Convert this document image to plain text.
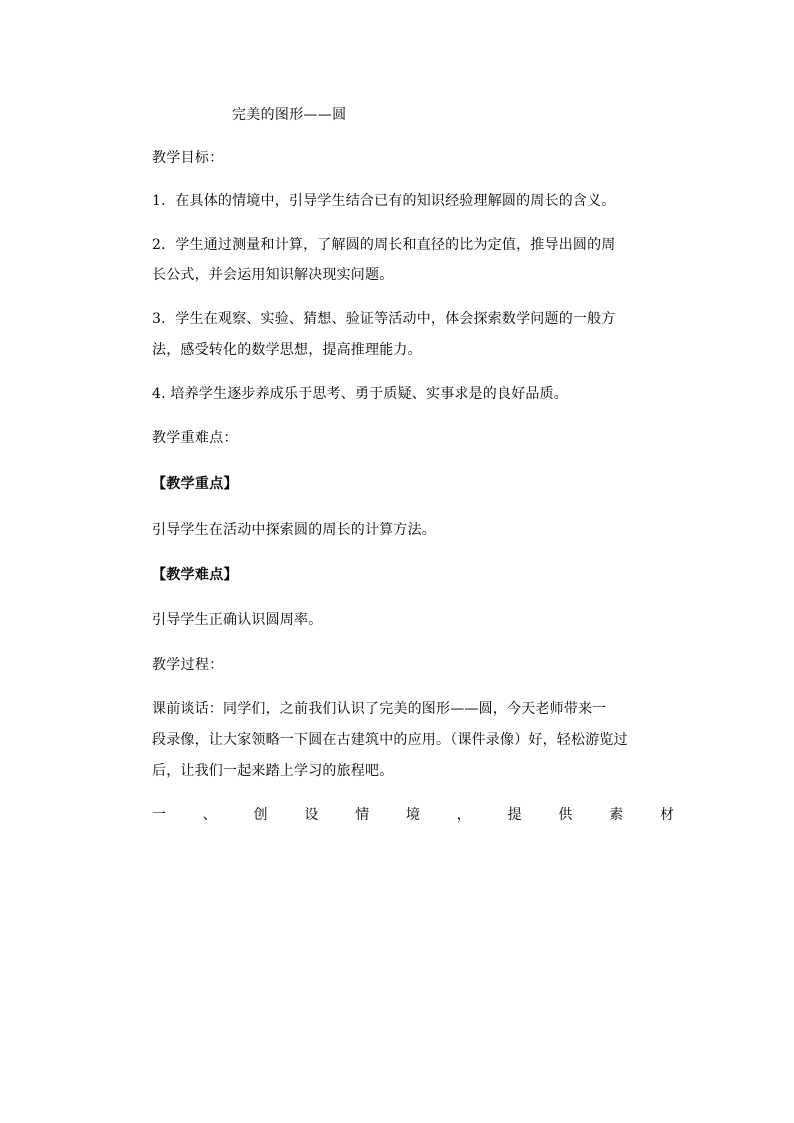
完美的图形——圆
教学目标：
1．在具体的情境中，引导学生结合已有的知识经验理解圆的周长的含义。
2．学生通过测量和计算，了解圆的周长和直径的比为定值，推导出圆的周
长公式，并会运用知识解决现实问题。
3．学生在观察、实验、猜想、验证等活动中，体会探索数学问题的一般方
法，感受转化的数学思想，提高推理能力。
4. 培养学生逐步养成乐于思考、勇于质疑、实事求是的良好品质。
教学重难点：
【教学重点】
引导学生在活动中探索圆的周长的计算方法。
【教学难点】
引导学生正确认识圆周率。
教学过程：
课前谈话：同学们，之前我们认识了完美的图形——圆，今天老师带来一
段录像，让大家领略一下圆在古建筑中的应用。（课件录像）好，轻松游览过
后，让我们一起来踏上学习的旅程吧。
一	、	创	设	情	境	，	提	供	素	材
